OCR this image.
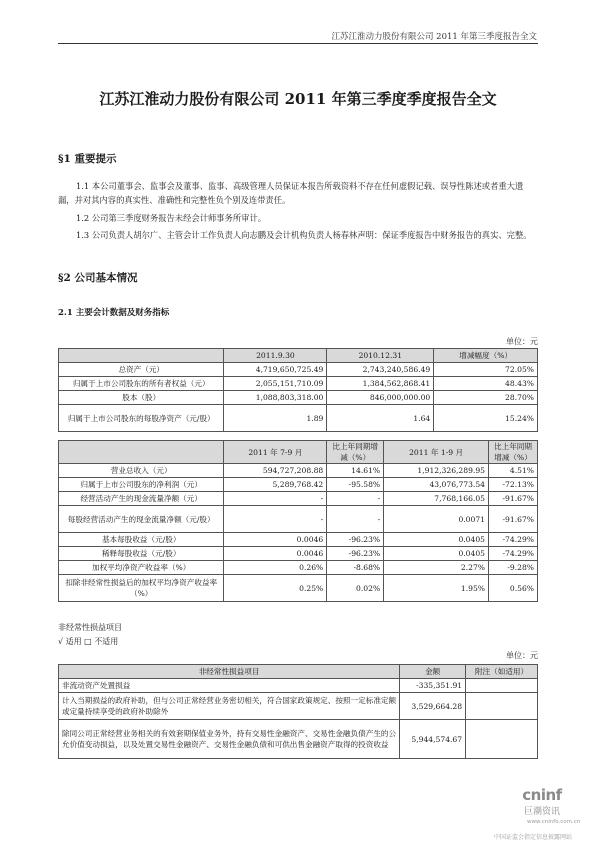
江苏江淮动力股份有限公司 2011 年第三季度报告全文
江苏江淮动力股份有限公司 2011 年第三季度季度报告全文
§1 重要提示
1.1 本公司董事会、监事会及董事、监事、高级管理人员保证本报告所载资料不存在任何虚假记载、误导性陈述或者重大遗漏，并对其内容的真实性、准确性和完整性负个别及连带责任。
1.2 公司第三季度财务报告未经会计师事务所审计。
1.3 公司负责人胡尔广、主管会计工作负责人向志鹏及会计机构负责人杨春林声明：保证季度报告中财务报告的真实、完整。
§2 公司基本情况
2.1 主要会计数据及财务指标
单位：元
	2011.9.30	2010.12.31	增减幅度（%）
总资产（元）	4,719,650,725.49	2,743,240,586.49	72.05%
归属于上市公司股东的所有者权益（元）	2,055,151,710.09	1,384,562,868.41	48.43%
股本（股）	1,088,803,318.00	846,000,000.00	28.70%
归属于上市公司股东的每股净资产（元/股）	1.89	1.64	15.24%
	2011 年 7-9 月	比上年同期增减（%）	2011 年 1-9 月	比上年同期增减（%）
营业总收入（元）	594,727,208.88	14.61%	1,912,326,289.95	4.51%
归属于上市公司股东的净利润（元）	5,289,768.42	-95.58%	43,076,773.54	-72.13%
经营活动产生的现金流量净额（元）	-	-	7,768,166.05	-91.67%
每股经营活动产生的现金流量净额（元/股）	-	-	0.0071	-91.67%
基本每股收益（元/股）	0.0046	-96.23%	0.0405	-74.29%
稀释每股收益（元/股）	0.0046	-96.23%	0.0405	-74.29%
加权平均净资产收益率（%）	0.26%	-8.68%	2.27%	-9.28%
扣除非经常性损益后的加权平均净资产收益率（%）	0.25%	0.02%	1.95%	0.56%
非经常性损益项目
√ 适用 □ 不适用
单位：元
非经常性损益项目	金额	附注（如适用）
非流动资产处置损益	-335,351.91	
计入当期损益的政府补助，但与公司正常经营业务密切相关，符合国家政策规定、按照一定标准定额或定量持续享受的政府补助除外	3,529,664.28	
除同公司正常经营业务相关的有效套期保值业务外，持有交易性金融资产、交易性金融负债产生的公允价值变动损益，以及处置交易性金融资产、交易性金融负债和可供出售金融资产取得的投资收益	5,944,574.67	
cninf
巨潮资讯
www.cninfo.com.cn
中国证监会指定信息披露网站
